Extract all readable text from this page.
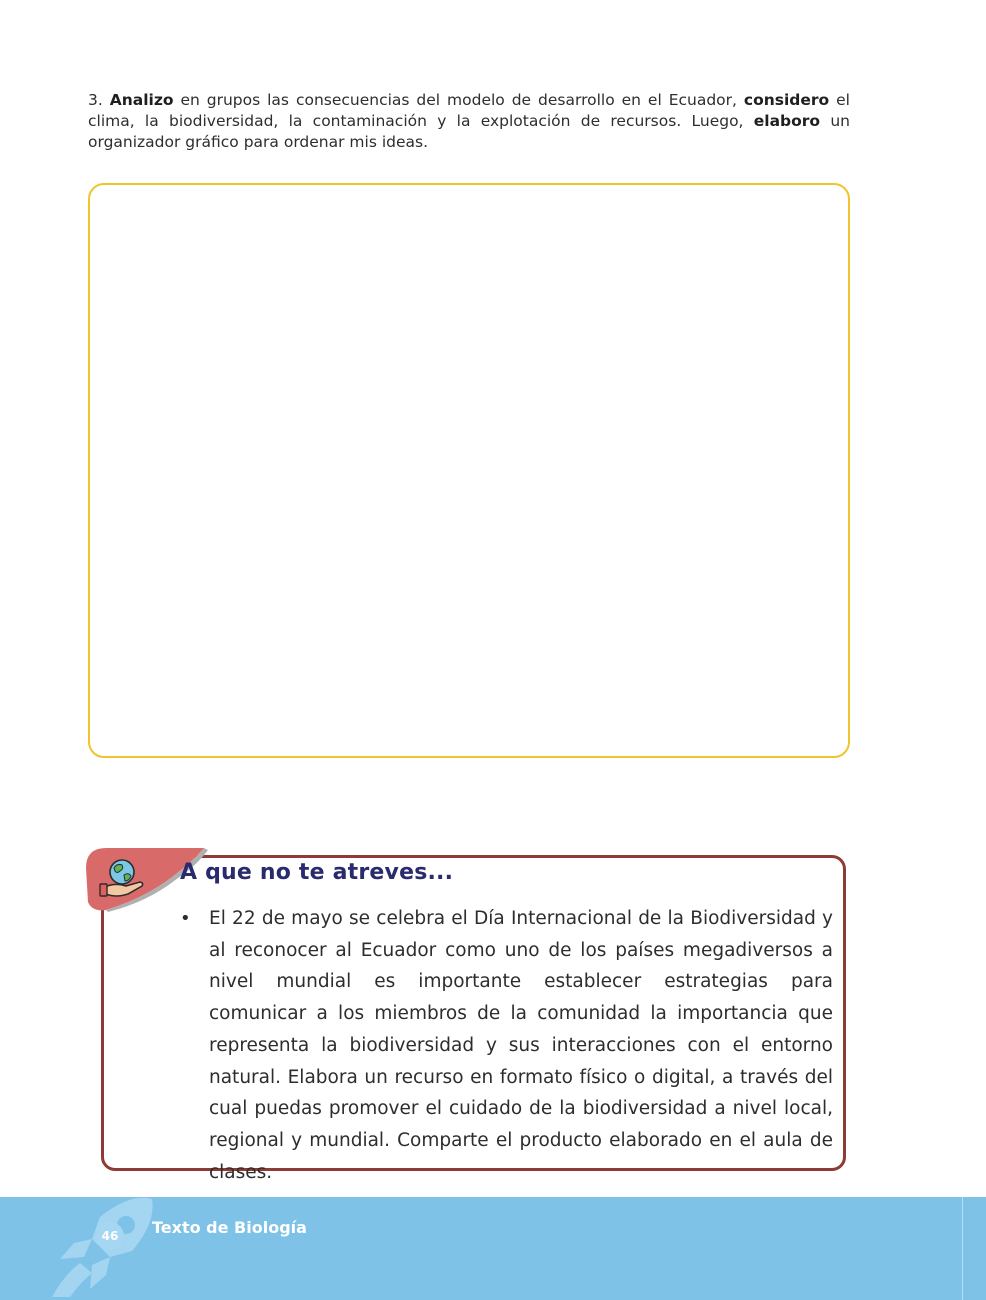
3. Analizo en grupos las consecuencias del modelo de desarrollo en el Ecuador, considero el clima, la biodiversidad, la contaminación y la explotación de recursos. Luego, elaboro un organizador gráfico para ordenar mis ideas.

A que no te atreves...
• El 22 de mayo se celebra el Día Internacional de la Biodiversidad y al reconocer al Ecuador como uno de los países megadiversos a nivel mundial es importante establecer estrategias para comunicar a los miembros de la comunidad la importancia que representa la biodiversidad y sus interacciones con el entorno natural. Elabora un recurso en formato físico o digital, a través del cual puedas promover el cuidado de la biodiversidad a nivel local, regional y mundial. Comparte el producto elaborado en el aula de clases.
46	Texto de Biología
